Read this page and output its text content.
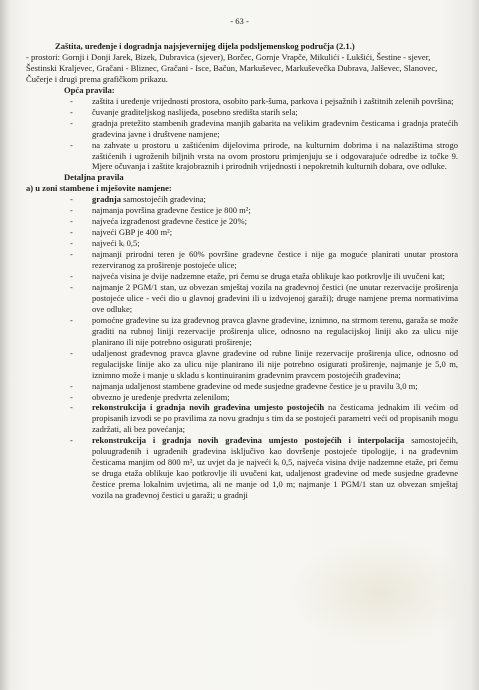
- 63 -
Zaštita, uređenje i dogradnja najsjevernijeg dijela podsljemenskog područja (2.1.)
- prostori: Gornji i Donji Jarek, Bizek, Dubravica (sjever), Borčec, Gornje Vrapče, Mikulići - Lukšići, Šestine - sjever, Šestinski Kraljevec, Gračani - Bliznec, Gračani - Isce, Bačun, Markuševec, Markuševečka Dubrava, Jalševec, Slanovec, Čučerje i drugi prema grafičkom prikazu.
Opća pravila:
- zaštita i uređenje vrijednosti prostora, osobito park-šuma, parkova i pejsažnih i zaštitnih zelenih površina;
- čuvanje graditeljskog naslijeđa, posebno središta starih sela;
- gradnja pretežito stambenih građevina manjih gabarita na velikim građevnim česticama i gradnja pratećih građevina javne i društvene namjene;
- na zahvate u prostoru u zaštićenim dijelovima prirode, na kulturnim dobrima i na nalazištima strogo zaštićenih i ugroženih biljnih vrsta na ovom prostoru primjenjuju se i odgovarajuće odredbe iz točke 9. Mjere očuvanja i zaštite krajobraznih i prirodnih vrijednosti i nepokretnih kulturnih dobara, ove odluke.
Detaljna pravila
a) u zoni stambene i mješovite namjene:
- gradnja samostojećih građevina;
- najmanja površina građevne čestice je 800 m²;
- najveća izgrađenost građevne čestice je 20%;
- najveći GBP je 400 m²;
- najveći kᵢ 0,5;
- najmanji prirodni teren je 60% površine građevne čestice i nije ga moguće planirati unutar prostora rezerviranog za proširenje postojeće ulice;
- najveća visina je dvije nadzemne etaže, pri čemu se druga etaža oblikuje kao potkrovlje ili uvučeni kat;
- najmanje 2 PGM/1 stan, uz obvezan smještaj vozila na građevnoj čestici (ne unutar rezervacije proširenja postojeće ulice - veći dio u glavnoj građevini ili u izdvojenoj garaži); druge namjene prema normativima ove odluke;
- pomoćne građevine su iza građevnog pravca glavne građevine, iznimno, na strmom terenu, garaža se može graditi na rubnoj liniji rezervacije proširenja ulice, odnosno na regulacijskoj liniji ako za ulicu nije planirano ili nije potrebno osigurati proširenje;
- udaljenost građevnog pravca glavne građevine od rubne linije rezervacije proširenja ulice, odnosno od regulacijske linije ako za ulicu nije planirano ili nije potrebno osigurati proširenje, najmanje je 5,0 m, iznimno može i manje u skladu s kontinuiranim građevnim pravcem postojećih građevina;
- najmanja udaljenost stambene građevine od međe susjedne građevne čestice je u pravilu 3,0 m;
- obvezno je uređenje predvrta zelenilom;
- rekonstrukcija i gradnja novih građevina umjesto postojećih na česticama jednakim ili većim od propisanih izvodi se po pravilima za novu gradnju s tim da se postojeći parametri veći od propisanih mogu zadržati, ali bez povećanja;
- rekonstrukcija i gradnja novih građevina umjesto postojećih i interpolacija samostojećih, poluugrađenih i ugrađenih građevina isključivo kao dovršenje postojeće tipologije, i na građevnim česticama manjim od 800 m², uz uvjet da je najveći kᵢ 0,5, najveća visina dvije nadzemne etaže, pri čemu se druga etaža oblikuje kao potkrovlje ili uvučeni kat, udaljenost građevine od međe susjedne građevne čestice prema lokalnim uvjetima, ali ne manje od 1,0 m; najmanje 1 PGM/1 stan uz obvezan smještaj vozila na građevnoj čestici u garaži; u gradnji
